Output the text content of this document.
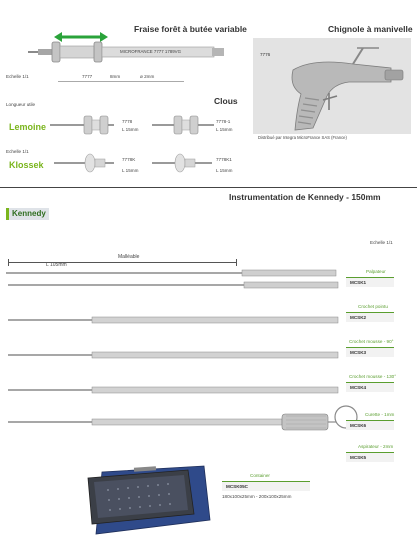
Fraise forêt à butée variable
MICROFRANCE 7777 1789VG
Echelle 1/1	7777	8mm	ø 2mm
Chignole à manivelle
7776
Distribué par Integra MicroFrance SAS (France)
Clous
Longueur utile
Lemoine
Echelle 1/1
Klossek
7778
L 15mm
7778-1
L 15mm
7778K
L 15mm
7778K1
L 15mm
Instrumentation de Kennedy - 150mm
Kennedy
Echelle 1/1
Malléable
L 105mm
Palpateur
MCSK1
Crochet pointu
MCSK2
Crochet mousse - 90°
MCSK3
Crochet mousse - 130°
MCSK4
Curette - 1mm
MCSK6
Aspirateur - 2mm
MCSK5
Container
MCSK05C
180x100x25mm - 200x100x25mm
